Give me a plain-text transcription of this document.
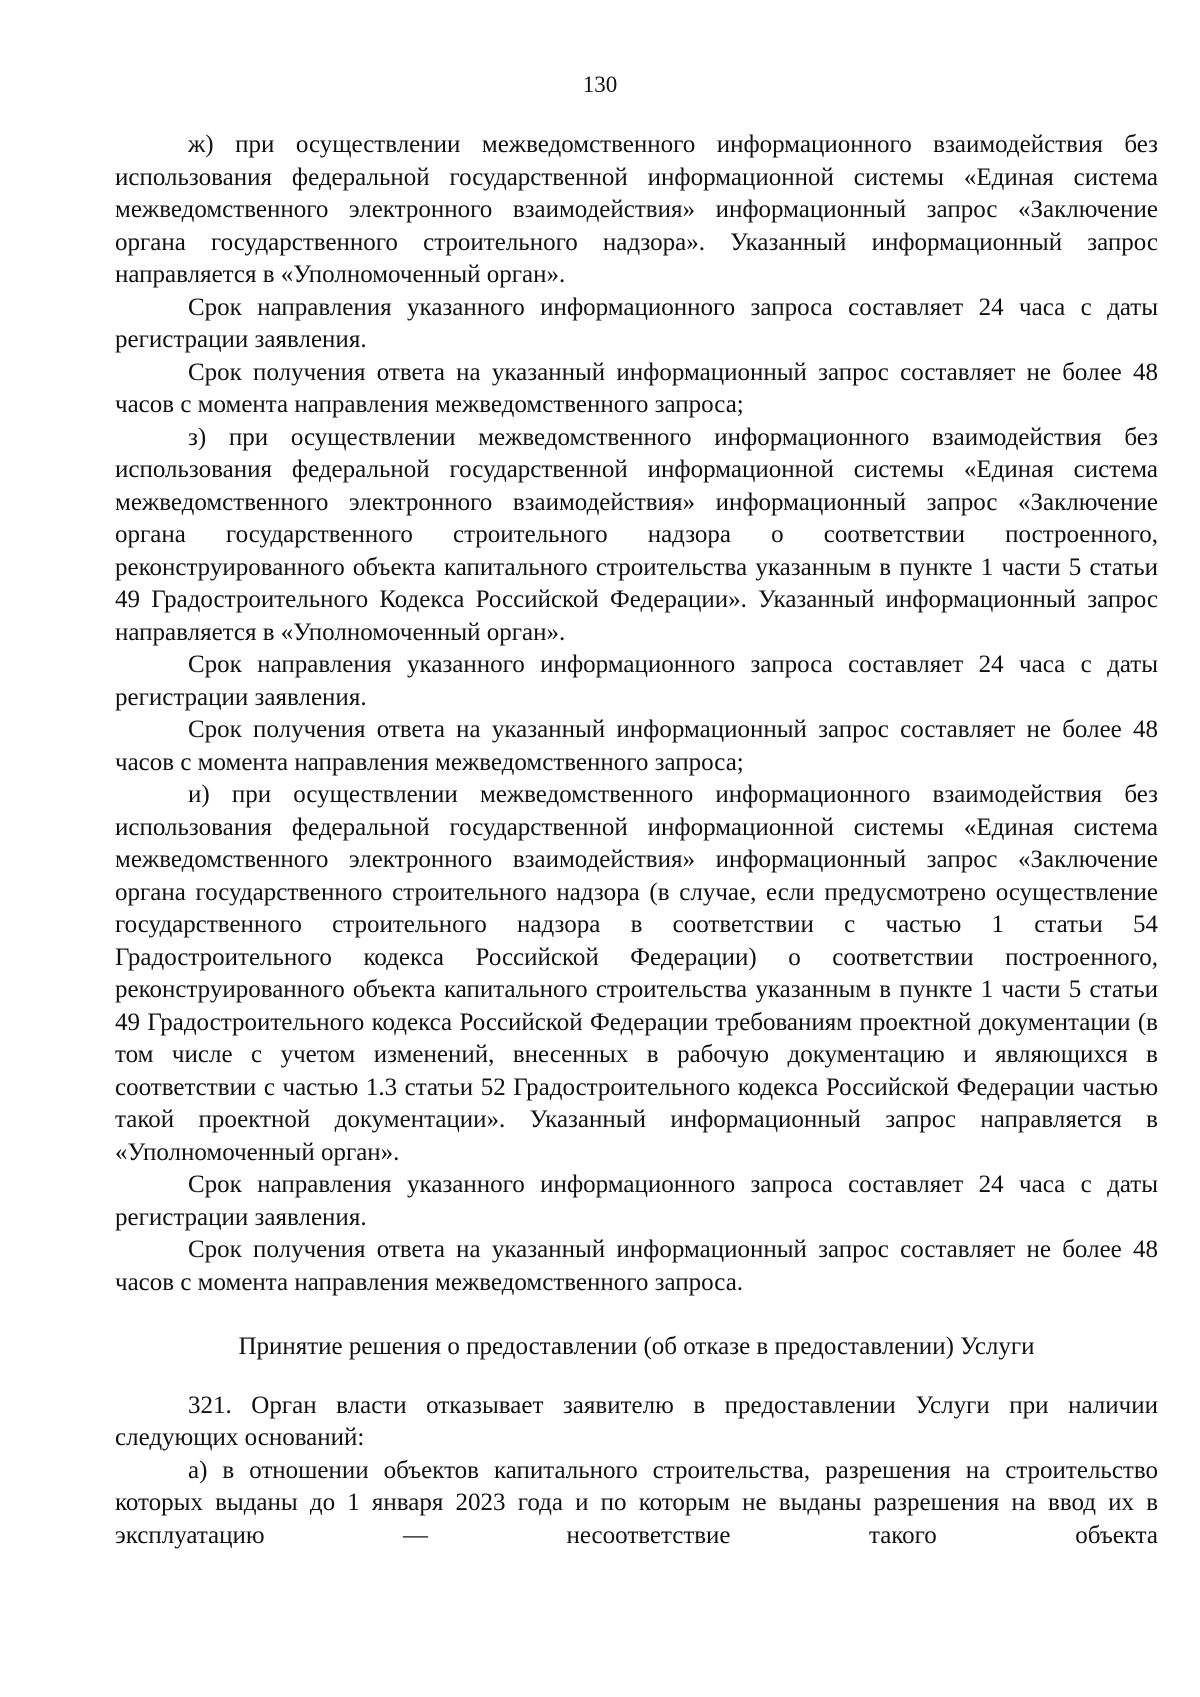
130

ж) при осуществлении межведомственного информационного взаимодействия без использования федеральной государственной информационной системы «Единая система межведомственного электронного взаимодействия» информационный запрос «Заключение органа государственного строительного надзора». Указанный информационный запрос направляется в «Уполномоченный орган».

Срок направления указанного информационного запроса составляет 24 часа с даты регистрации заявления.

Срок получения ответа на указанный информационный запрос составляет не более 48 часов с момента направления межведомственного запроса;

з) при осуществлении межведомственного информационного взаимодействия без использования федеральной государственной информационной системы «Единая система межведомственного электронного взаимодействия» информационный запрос «Заключение органа государственного строительного надзора о соответствии построенного, реконструированного объекта капитального строительства указанным в пункте 1 части 5 статьи 49 Градостроительного Кодекса Российской Федерации». Указанный информационный запрос направляется в «Уполномоченный орган».

Срок направления указанного информационного запроса составляет 24 часа с даты регистрации заявления.

Срок получения ответа на указанный информационный запрос составляет не более 48 часов с момента направления межведомственного запроса;

и) при осуществлении межведомственного информационного взаимодействия без использования федеральной государственной информационной системы «Единая система межведомственного электронного взаимодействия» информационный запрос «Заключение органа государственного строительного надзора (в случае, если предусмотрено осуществление государственного строительного надзора в соответствии с частью 1 статьи 54 Градостроительного кодекса Российской Федерации) о соответствии построенного, реконструированного объекта капитального строительства указанным в пункте 1 части 5 статьи 49 Градостроительного кодекса Российской Федерации требованиям проектной документации (в том числе с учетом изменений, внесенных в рабочую документацию и являющихся в соответствии с частью 1.3 статьи 52 Градостроительного кодекса Российской Федерации частью такой проектной документации». Указанный информационный запрос направляется в «Уполномоченный орган».

Срок направления указанного информационного запроса составляет 24 часа с даты регистрации заявления.

Срок получения ответа на указанный информационный запрос составляет не более 48 часов с момента направления межведомственного запроса.

Принятие решения о предоставлении (об отказе в предоставлении) Услуги

321. Орган власти отказывает заявителю в предоставлении Услуги при наличии следующих оснований:

а) в отношении объектов капитального строительства, разрешения на строительство которых выданы до 1 января 2023 года и по которым не выданы разрешения на ввод их в эксплуатацию — несоответствие такого объекта
